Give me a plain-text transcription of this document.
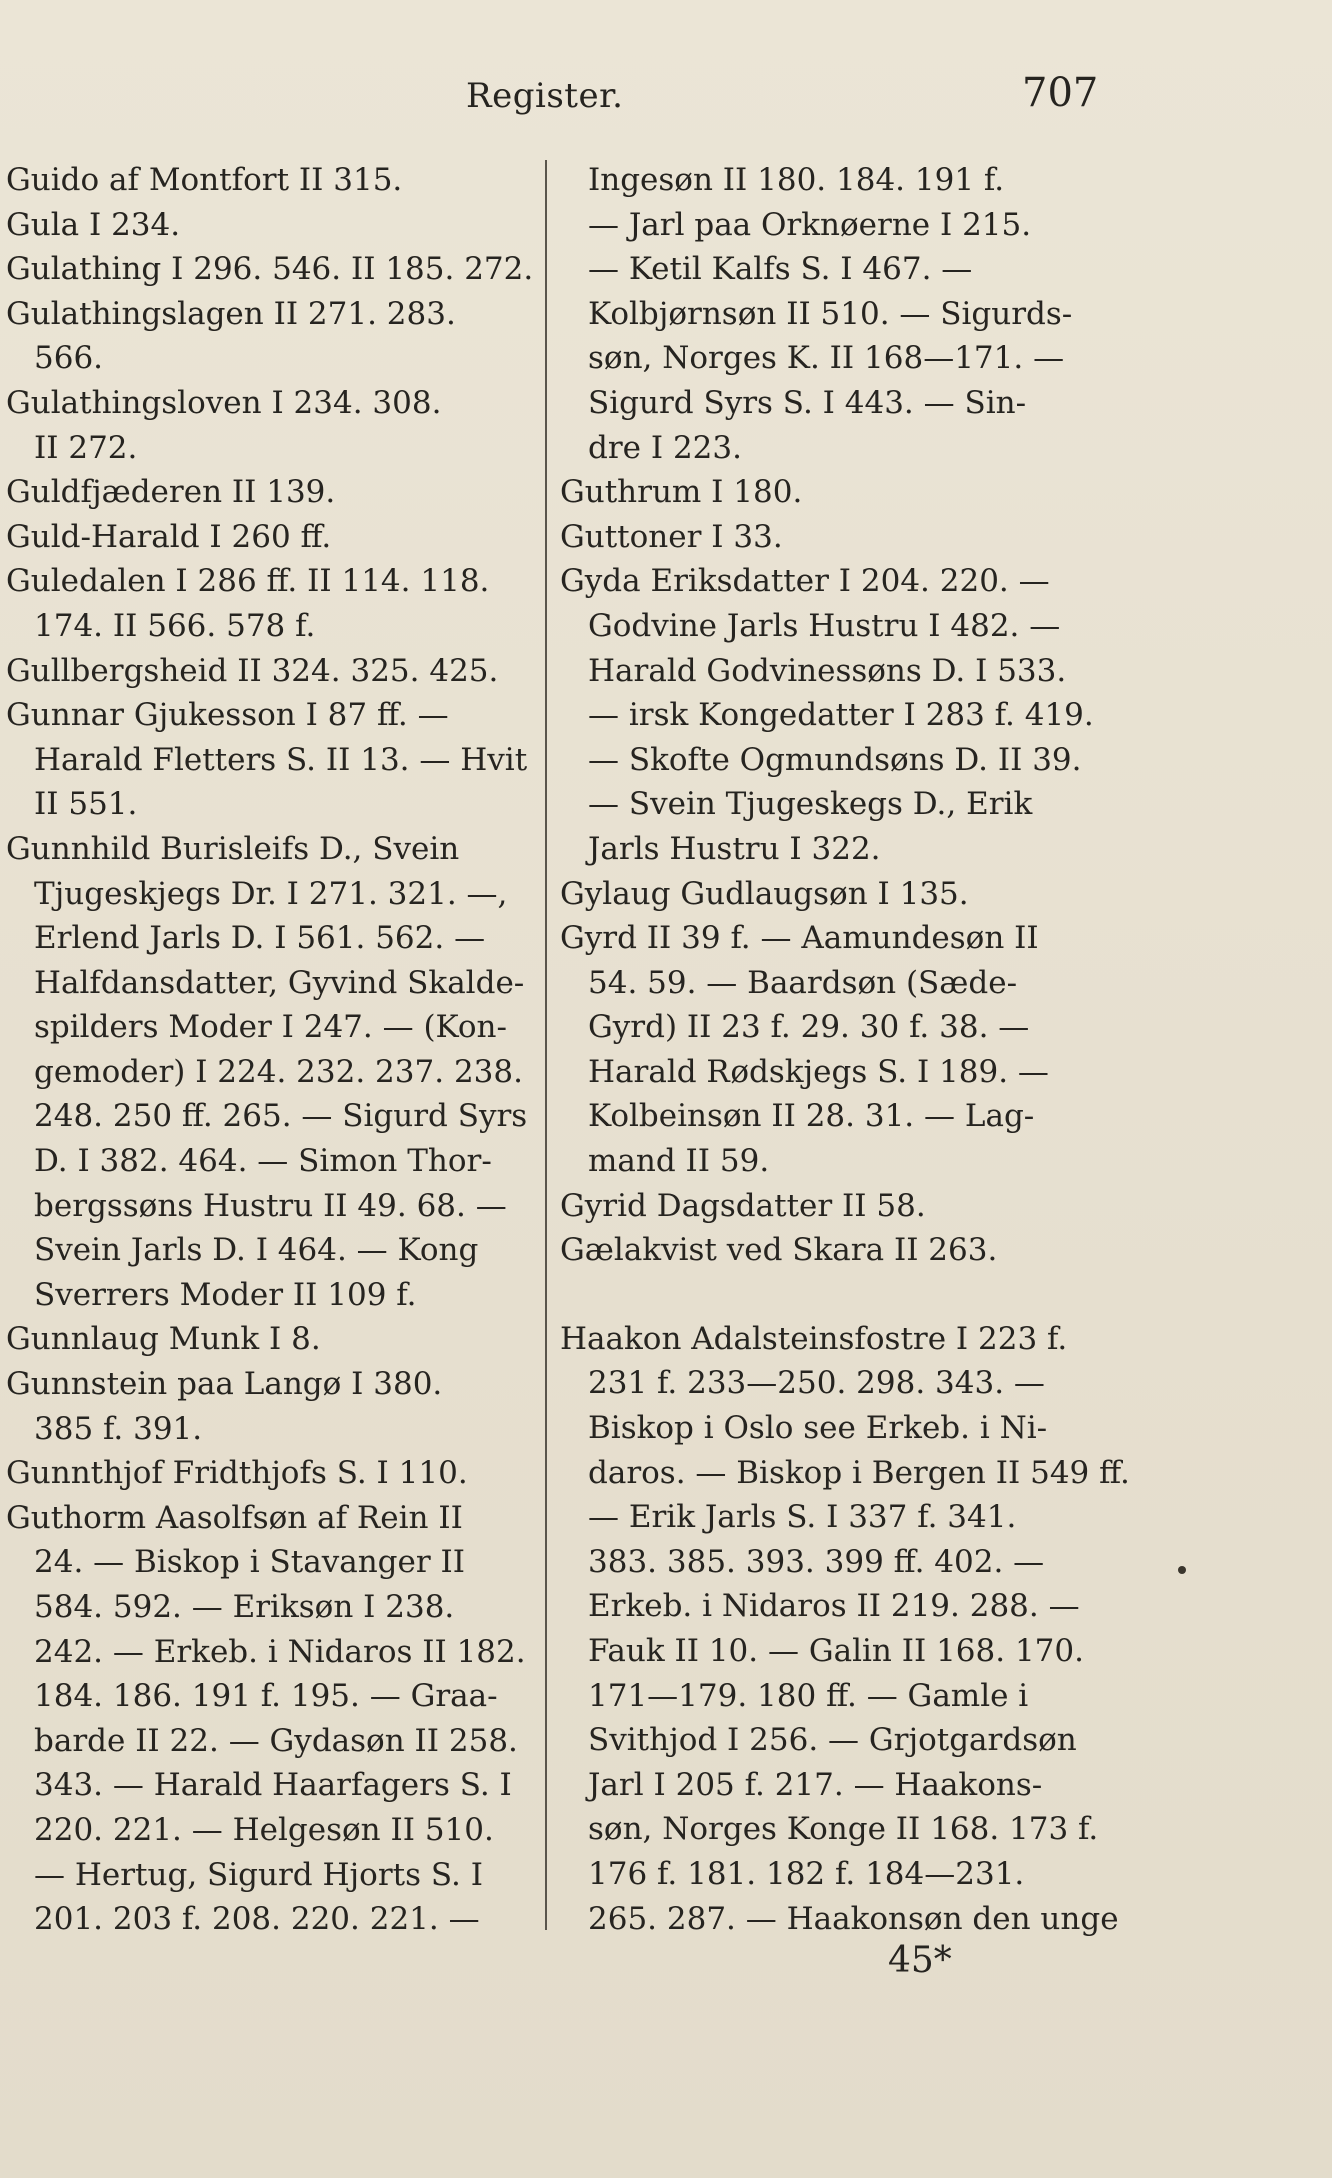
Register.	707
Guido af Montfort II 315.
Gula I 234.
Gulathing I 296. 546. II 185. 272.
Gulathingslagen II 271. 283.
566.
Gulathingsloven I 234. 308.
II 272.
Guldfjæderen II 139.
Guld-Harald I 260 ff.
Guledalen I 286 ff. II 114. 118.
174. II 566. 578 f.
Gullbergsheid II 324. 325. 425.
Gunnar Gjukesson I 87 ff. —
Harald Fletters S. II 13. — Hvit
II 551.
Gunnhild Burisleifs D., Svein
Tjugeskjegs Dr. I 271. 321. —,
Erlend Jarls D. I 561. 562. —
Halfdansdatter, Gyvind Skalde-
spilders Moder I 247. — (Kon-
gemoder) I 224. 232. 237. 238.
248. 250 ff. 265. — Sigurd Syrs
D. I 382. 464. — Simon Thor-
bergssøns Hustru II 49. 68. —
Svein Jarls D. I 464. — Kong
Sverrers Moder II 109 f.
Gunnlaug Munk I 8.
Gunnstein paa Langø I 380.
385 f. 391.
Gunnthjof Fridthjofs S. I 110.
Guthorm Aasolfsøn af Rein II
24. — Biskop i Stavanger II
584. 592. — Eriksøn I 238.
242. — Erkeb. i Nidaros II 182.
184. 186. 191 f. 195. — Graa-
barde II 22. — Gydasøn II 258.
343. — Harald Haarfagers S. I
220. 221. — Helgesøn II 510.
— Hertug, Sigurd Hjorts S. I
201. 203 f. 208. 220. 221. —
Ingesøn II 180. 184. 191 f.
— Jarl paa Orknøerne I 215.
— Ketil Kalfs S. I 467. —
Kolbjørnsøn II 510. — Sigurds-
søn, Norges K. II 168—171. —
Sigurd Syrs S. I 443. — Sin-
dre I 223.
Guthrum I 180.
Guttoner I 33.
Gyda Eriksdatter I 204. 220. —
Godvine Jarls Hustru I 482. —
Harald Godvinessøns D. I 533.
— irsk Kongedatter I 283 f. 419.
— Skofte Ogmundsøns D. II 39.
— Svein Tjugeskegs D., Erik
Jarls Hustru I 322.
Gylaug Gudlaugsøn I 135.
Gyrd II 39 f. — Aamundesøn II
54. 59. — Baardsøn (Sæde-
Gyrd) II 23 f. 29. 30 f. 38. —
Harald Rødskjegs S. I 189. —
Kolbeinsøn II 28. 31. — Lag-
mand II 59.
Gyrid Dagsdatter II 58.
Gælakvist ved Skara II 263.
Haakon Adalsteinsfostre I 223 f.
231 f. 233—250. 298. 343. —
Biskop i Oslo see Erkeb. i Ni-
daros. — Biskop i Bergen II 549 ff.
— Erik Jarls S. I 337 f. 341.
383. 385. 393. 399 ff. 402. —
Erkeb. i Nidaros II 219. 288. —
Fauk II 10. — Galin II 168. 170.
171—179. 180 ff. — Gamle i
Svithjod I 256. — Grjotgardsøn
Jarl I 205 f. 217. — Haakons-
søn, Norges Konge II 168. 173 f.
176 f. 181. 182 f. 184—231.
265. 287. — Haakonsøn den unge
45*
